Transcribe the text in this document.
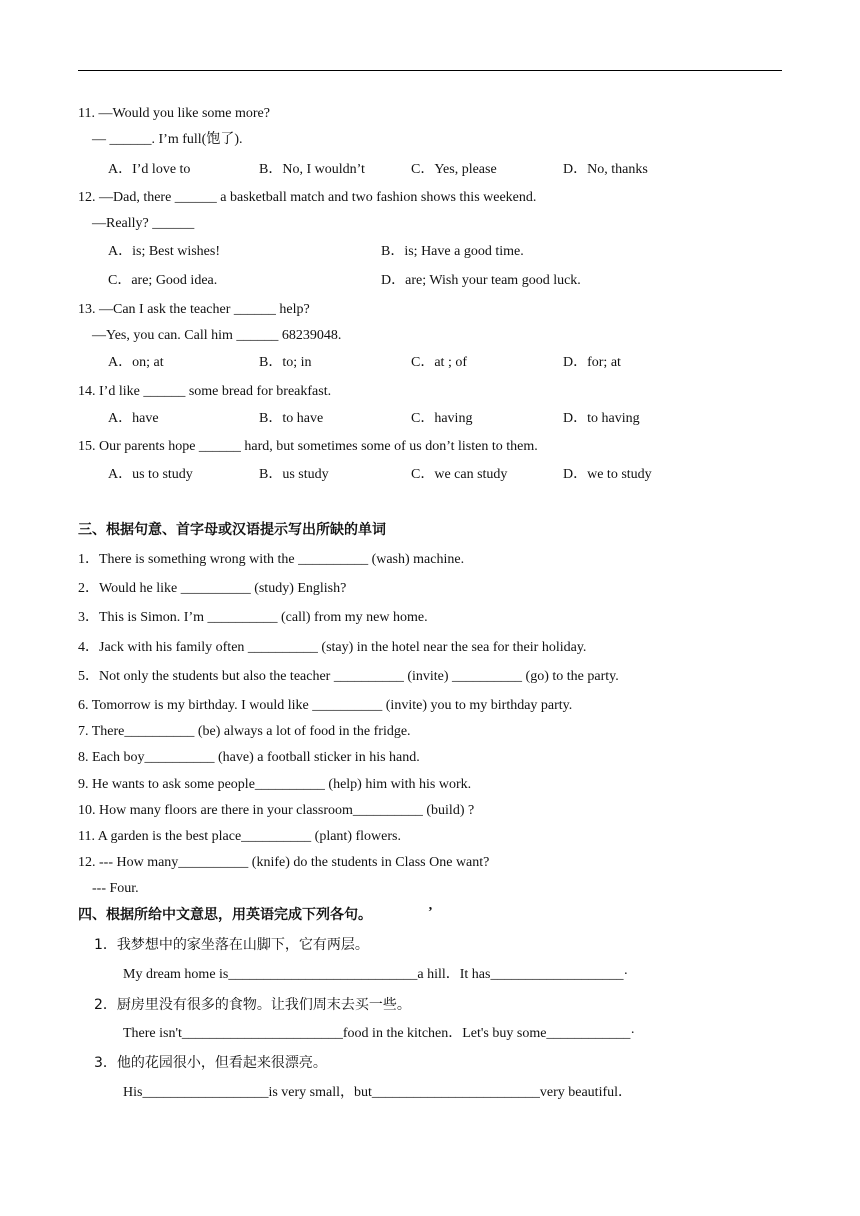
11. —Would you like some more?
— ______. I’m full(饱了).
A．I’d love to	B．No, I wouldn’t	C．Yes, please	D．No, thanks
12. —Dad, there ______ a basketball match and two fashion shows this weekend.
—Really? ______
A．is; Best wishes!	B．is; Have a good time.
C．are; Good idea.	D．are; Wish your team good luck.
13. —Can I ask the teacher ______ help?
—Yes, you can. Call him ______ 68239048.
A．on; at	B．to; in	C．at ; of	D．for; at
14. I’d like ______ some bread for breakfast.
A．have	B．to have	C．having	D．to having
15. Our parents hope ______ hard, but sometimes some of us don’t listen to them.
A．us to study	B．us study	C．we can study	D．we to study
三、根据句意、首字母或汉语提示写出所缺的单词
1．There is something wrong with the __________ (wash) machine.
2．Would he like __________ (study) English?
3．This is Simon. I’m __________ (call) from my new home.
4．Jack with his family often __________ (stay) in the hotel near the sea for their holiday.
5．Not only the students but also the teacher __________ (invite) __________ (go) to the party.
6. Tomorrow is my birthday. I would like __________ (invite) you to my birthday party.
7. There__________ (be) always a lot of food in the fridge.
8. Each boy__________ (have) a football sticker in his hand.
9. He wants to ask some people__________ (help) him with his work.
10. How many floors are there in your classroom__________ (build) ?
11. A garden is the best place__________ (plant) flowers.
12. --- How many__________ (knife) do the students in Class One want?
--- Four.
四、根据所给中文意思，用英语完成下列各句。	’
1．我梦想中的家坐落在山脚下，它有两层。
My dream home is___________________________a hill．It has___________________·
2．厨房里没有很多的食物。让我们周末去买一些。
There isn't_______________________food in the kitchen．Let's buy some____________·
3．他的花园很小，但看起来很漂亮。
His__________________is very small，but________________________very beautiful．
